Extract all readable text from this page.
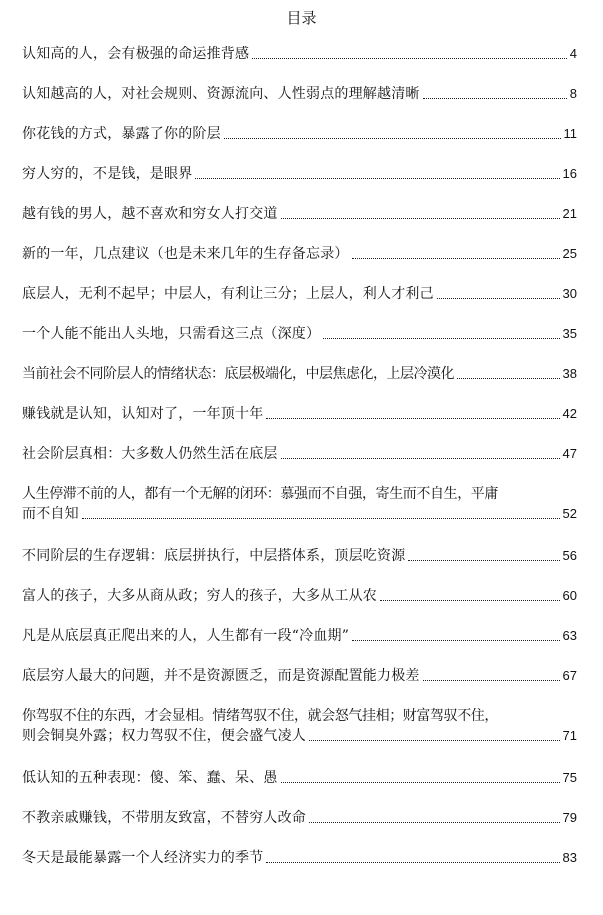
目录
认知高的人，会有极强的命运推背感	4
认知越高的人，对社会规则、资源流向、人性弱点的理解越清晰	8
你花钱的方式，暴露了你的阶层	11
穷人穷的，不是钱，是眼界	16
越有钱的男人，越不喜欢和穷女人打交道	21
新的一年，几点建议（也是未来几年的生存备忘录）	25
底层人，无利不起早；中层人，有利让三分；上层人，利人才利己	30
一个人能不能出人头地，只需看这三点（深度）	35
当前社会不同阶层人的情绪状态：底层极端化，中层焦虑化，上层冷漠化	38
赚钱就是认知，认知对了，一年顶十年	42
社会阶层真相：大多数人仍然生活在底层	47
人生停滞不前的人，都有一个无解的闭环：慕强而不自强，寄生而不自生，平庸
而不自知	52
不同阶层的生存逻辑：底层拼执行，中层搭体系，顶层吃资源	56
富人的孩子，大多从商从政；穷人的孩子，大多从工从农	60
凡是从底层真正爬出来的人，人生都有一段“冷血期”	63
底层穷人最大的问题，并不是资源匮乏，而是资源配置能力极差	67
你驾驭不住的东西，才会显相。情绪驾驭不住，就会怒气挂相；财富驾驭不住，
则会铜臭外露；权力驾驭不住，便会盛气凌人	71
低认知的五种表现：傻、笨、蠢、呆、愚	75
不教亲戚赚钱，不带朋友致富，不替穷人改命	79
冬天是最能暴露一个人经济实力的季节	83
